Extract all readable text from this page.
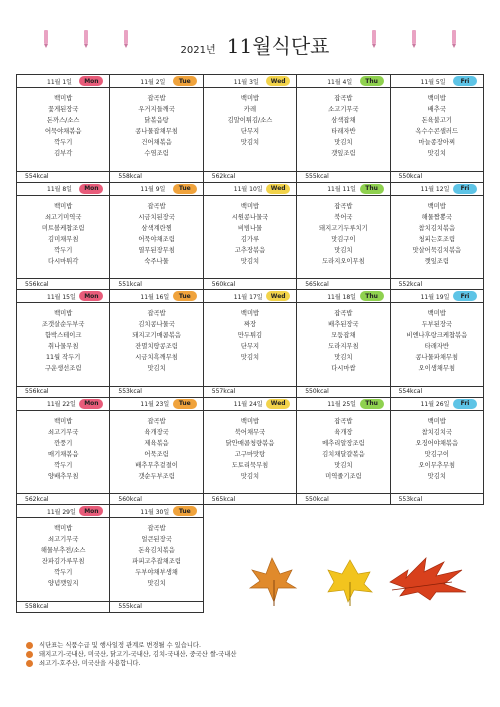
2021년 11월식단표
11월 1일	Mon
백미밥
꽃게된장국
돈까스/소스
어묵야채볶음
깍두기
김부각
554kcal
11월 2일	Tue
잡곡밥
우거지들깨국
닭볶음탕
콩나물잡채무침
건어채볶음
수염조림
558kcal
11월 3일	Wed
백미밥
카레
김말이튀김/소스
단무지
맛김치
562kcal
11월 4일	Thu
잡곡밥
소고기무국
삼색잡채
타래자반
맛김치
갯잎조림
555kcal
11월 5일	Fri
백미밥
배추국
돈육불고기
옥수수콘샐러드
마늘종장아찌
맛김치
550kcal
11월 8일	Mon
백미밥
쇠고기미역국
미트볼케찹조림
김미채무침
깍두기
다시마튀각
556kcal
11월 9일	Tue
잡곡밥
시금치된장국
삼색계란찜
어묵야채조림
열무된장무침
숙주나물
551kcal
11월 10일	Wed
백미밥
시원콩나물국
비빔나물
김가루
고추장볶음
맛김치
560kcal
11월 11일	Thu
잡곡밥
북어국
돼지고기두루치기
맛김구이
맛김치
도라지오이무침
565kcal
11월 12일	Fri
백미밥
해물짬뽕국
참치김치볶음
청피는호조림
맛살어묵김치볶음
깻잎조림
552kcal
11월 15일	Mon
백미밥
조갯살순두부국
함박스테이크
취나물무침
11월 작두기
구운생선조림
556kcal
11월 16일	Tue
잡곡밥
김치콩나물국
돼지고기매콤볶음
잔멸치땅콩조림
시금치흑깨무침
맛김치
553kcal
11월 17일	Wed
백미밥
짜장
만두튀김
단무지
맛김치
557kcal
11월 18일	Thu
잡곡밥
배추된장국
모둠잡채
도라지무침
맛김치
다시마쌈
550kcal
11월 19일	Fri
백미밥
두부된장국
비엔나후랑크케찹볶음
타래자반
콩나물파채무침
오이생채무침
554kcal
11월 22일	Mon
백미밥
쇠고기무국
깐풍기
매기채볶음
깍두기
양배추무침
562kcal
11월 23일	Tue
잡곡밥
육개장국
제육볶음
어묵조림
배추무추겉절이
갯순두부조림
560kcal
11월 24일	Wed
백미밥
북어채무국
닭안매콤청량볶음
고구마맛탕
도토리묵무침
맛김치
565kcal
11월 25일	Thu
잡곡밥
육개장
메추리알장조림
김치채달걀볶음
맛김치
미역줄기조림
550kcal
11월 26일	Fri
백미밥
참치김치국
오징어야채볶음
맛김구이
오이무추무침
맛김치
553kcal
11월 29일	Mon
백미밥
쇠고기무국
해물부추전/소스
잔파김가루무침
깍두기
양념깻잎지
558kcal
11월 30일	Tue
잡곡밥
얼큰된장국
돈육김치볶음
파피고추잡채조림
두부야채부생채
맛김치
555kcal
식단표는 식품수급 및 행사일정 관계로 변경될 수 있습니다.
돼지고기-국내산, 미국산, 닭고기-국내산, 김치-국내산, 중국산 쌀-국내산
쇠고기-호주산, 미국산을 사용합니다.
